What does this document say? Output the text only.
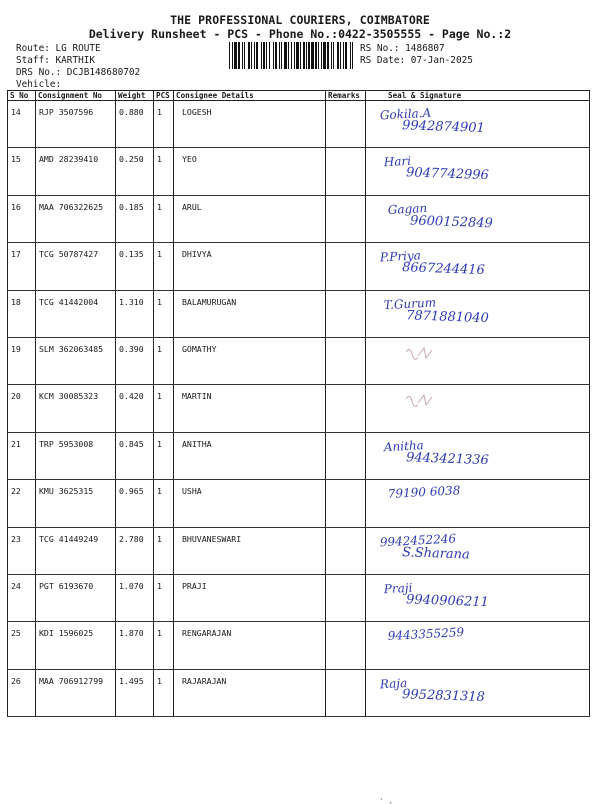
THE PROFESSIONAL COURIERS, COIMBATORE
Delivery Runsheet - PCS - Phone No.:0422-3505555 - Page No.:2
Route: LG ROUTE
Staff: KARTHIK
DRS No.: DCJB148680702
Vehicle:
RS No.: 1486807
RS Date: 07-Jan-2025
S No	Consignment No	Weight	PCS	Consignee Details	Remarks	Seal & Signature
14	RJP 3507596	0.880	1	LOGESH		Gokila.A
9942874901

15	AMD 28239410	0.250	1	YEO		Hari
9047742996

16	MAA 706322625	0.185	1	ARUL		Gagan
9600152849

17	TCG 50787427	0.135	1	DHIVYA		P.Priya
8667244416

18	TCG 41442004	1.310	1	BALAMURUGAN		T.Gurum
7871881040

19	SLM 362063485	0.390	1	GOMATHY		

20	KCM 30085323	0.420	1	MARTIN		

21	TRP 5953008	0.845	1	ANITHA		Anitha
9443421336

22	KMU 3625315	0.965	1	USHA		79190 6038

23	TCG 41449249	2.780	1	BHUVANESWARI		9942452246
S.Sharana

24	PGT 6193670	1.070	1	PRAJI		Praji
9940906211

25	KDI 1596025	1.870	1	RENGARAJAN		9443355259

26	MAA 706912799	1.495	1	RAJARAJAN		Raja
9952831318
⸳ ˎ
